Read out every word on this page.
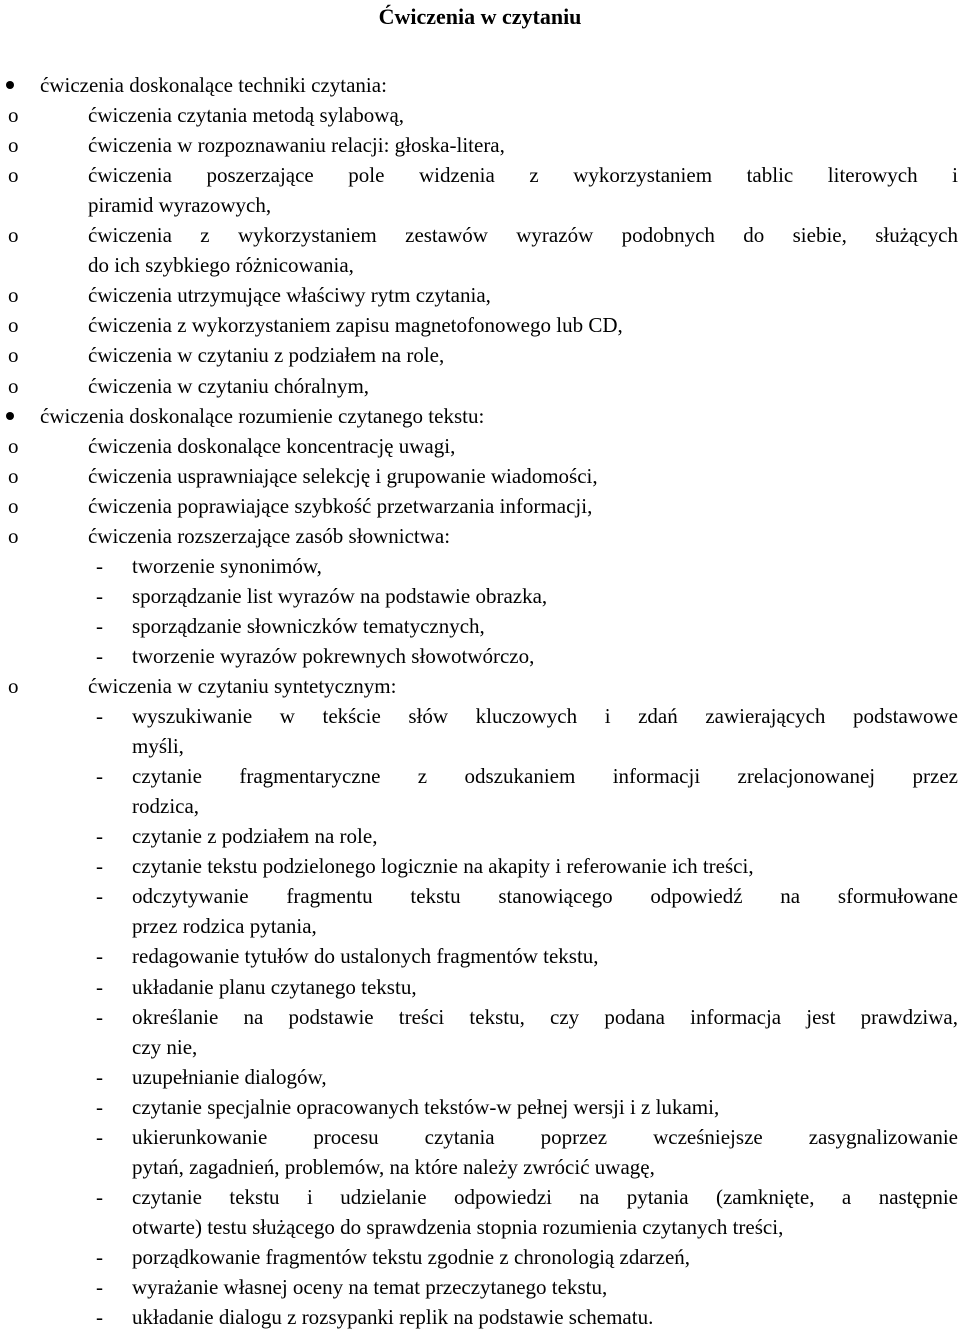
Ćwiczenia w czytaniu
ćwiczenia doskonalące techniki czytania:
o	ćwiczenia czytania metodą sylabową,
o	ćwiczenia w rozpoznawaniu relacji: głoska-litera,
o	ćwiczenia poszerzające pole widzenia z wykorzystaniem tablic literowych i
piramid wyrazowych,
o	ćwiczenia z wykorzystaniem zestawów wyrazów podobnych do siebie, służących
do ich szybkiego różnicowania,
o	ćwiczenia utrzymujące właściwy rytm czytania,
o	ćwiczenia z wykorzystaniem zapisu magnetofonowego lub CD,
o	ćwiczenia w czytaniu z podziałem na role,
o	ćwiczenia w czytaniu chóralnym,
ćwiczenia doskonalące rozumienie czytanego tekstu:
o	ćwiczenia doskonalące koncentrację uwagi,
o	ćwiczenia usprawniające selekcję i grupowanie wiadomości,
o	ćwiczenia poprawiające szybkość przetwarzania informacji,
o	ćwiczenia rozszerzające zasób słownictwa:
- tworzenie synonimów,
- sporządzanie list wyrazów na podstawie obrazka,
- sporządzanie słowniczków tematycznych,
- tworzenie wyrazów pokrewnych słowotwórczo,
o	ćwiczenia w czytaniu syntetycznym:
- wyszukiwanie w tekście słów kluczowych i zdań zawierających podstawowe
myśli,
- czytanie fragmentaryczne z odszukaniem informacji zrelacjonowanej przez
rodzica,
- czytanie z podziałem na role,
- czytanie tekstu podzielonego logicznie na akapity i referowanie ich treści,
- odczytywanie fragmentu tekstu stanowiącego odpowiedź na sformułowane
przez rodzica pytania,
- redagowanie tytułów do ustalonych fragmentów tekstu,
- układanie planu czytanego tekstu,
- określanie na podstawie treści tekstu, czy podana informacja jest prawdziwa,
czy nie,
- uzupełnianie dialogów,
- czytanie specjalnie opracowanych tekstów-w pełnej wersji i z lukami,
- ukierunkowanie procesu czytania poprzez wcześniejsze zasygnalizowanie
pytań, zagadnień, problemów, na które należy zwrócić uwagę,
- czytanie tekstu i udzielanie odpowiedzi na pytania (zamknięte, a następnie
otwarte) testu służącego do sprawdzenia stopnia rozumienia czytanych treści,
- porządkowanie fragmentów tekstu zgodnie z chronologią zdarzeń,
- wyrażanie własnej oceny na temat przeczytanego tekstu,
- układanie dialogu z rozsypanki replik na podstawie schematu.
